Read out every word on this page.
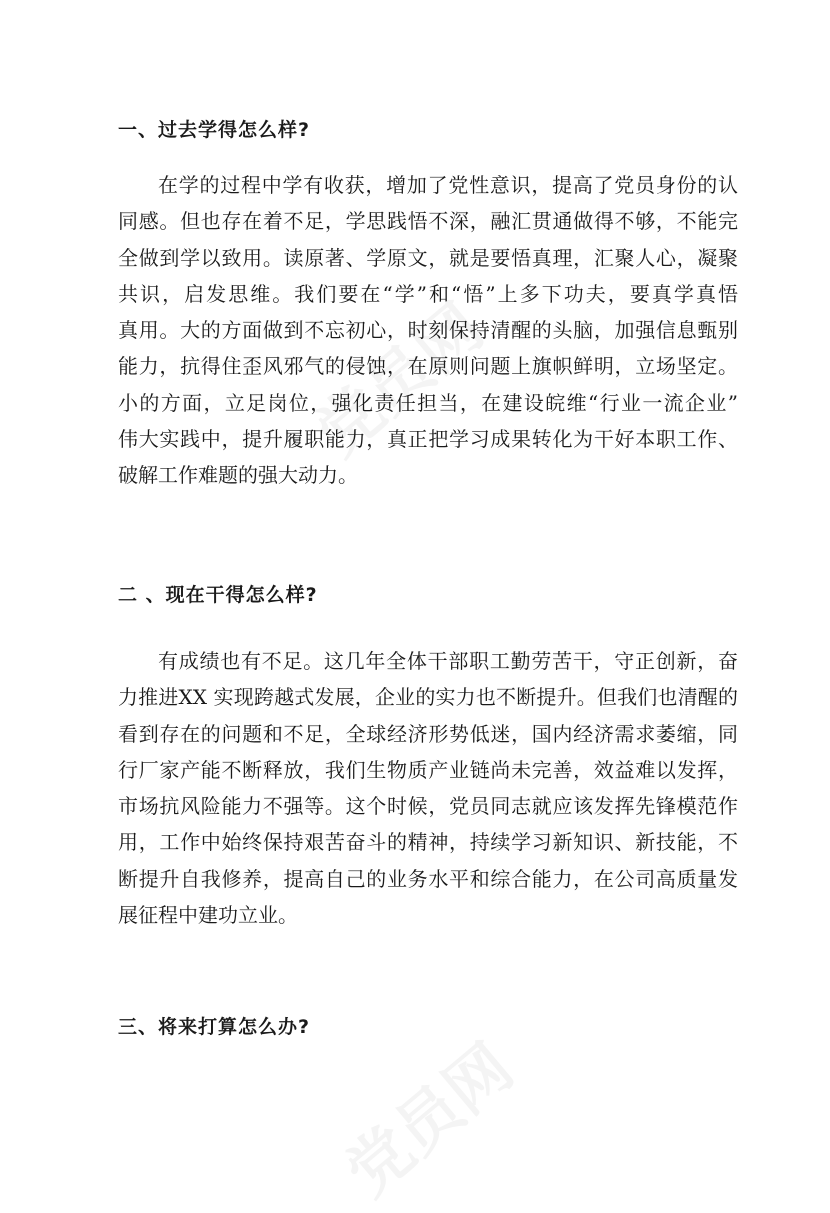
一、过去学得怎么样?
在学的过程中学有收获，增加了党性意识，提高了党员身份的认
同感。但也存在着不足，学思践悟不深，融汇贯通做得不够，不能完
全做到学以致用。读原著、学原文，就是要悟真理，汇聚人心，凝聚
共识，启发思维。我们要在“学”和“悟”上多下功夫，要真学真悟
真用。大的方面做到不忘初心，时刻保持清醒的头脑，加强信息甄别
能力，抗得住歪风邪气的侵蚀，在原则问题上旗帜鲜明，立场坚定。
小的方面，立足岗位，强化责任担当，在建设皖维“行业一流企业”
伟大实践中，提升履职能力，真正把学习成果转化为干好本职工作、
破解工作难题的强大动力。
二 、现在干得怎么样?
有成绩也有不足。这几年全体干部职工勤劳苦干，守正创新，奋
力推进XX 实现跨越式发展，企业的实力也不断提升。但我们也清醒的
看到存在的问题和不足，全球经济形势低迷，国内经济需求萎缩，同
行厂家产能不断释放，我们生物质产业链尚未完善，效益难以发挥，
市场抗风险能力不强等。这个时候，党员同志就应该发挥先锋模范作
用，工作中始终保持艰苦奋斗的精神，持续学习新知识、新技能，不
断提升自我修养，提高自己的业务水平和综合能力，在公司高质量发
展征程中建功立业。
三、将来打算怎么办?
